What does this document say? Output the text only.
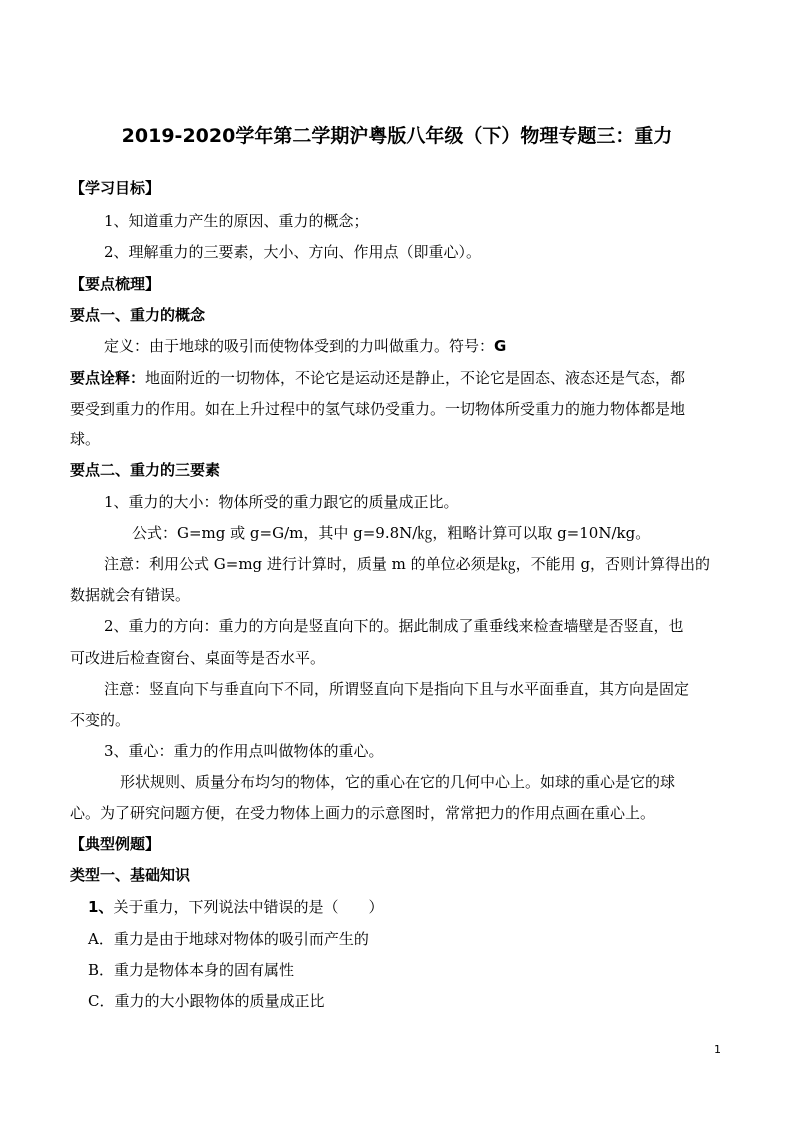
2019-2020学年第二学期沪粤版八年级（下）物理专题三：重力
【学习目标】
1、知道重力产生的原因、重力的概念；
2、理解重力的三要素，大小、方向、作用点（即重心）。
【要点梳理】
要点一、重力的概念
定义：由于地球的吸引而使物体受到的力叫做重力。符号：G
要点诠释：地面附近的一切物体，不论它是运动还是静止，不论它是固态、液态还是气态，都
要受到重力的作用。如在上升过程中的氢气球仍受重力。一切物体所受重力的施力物体都是地
球。
要点二、重力的三要素
1、重力的大小：物体所受的重力跟它的质量成正比。
公式：G=mg 或 g=G/m，其中 g=9.8N/㎏，粗略计算可以取 g=10N/kg。
注意：利用公式 G=mg 进行计算时，质量 m 的单位必须是㎏，不能用 g，否则计算得出的
数据就会有错误。
2、重力的方向：重力的方向是竖直向下的。据此制成了重垂线来检查墙壁是否竖直，也
可改进后检查窗台、桌面等是否水平。
注意：竖直向下与垂直向下不同，所谓竖直向下是指向下且与水平面垂直，其方向是固定
不变的。
3、重心：重力的作用点叫做物体的重心。
形状规则、质量分布均匀的物体，它的重心在它的几何中心上。如球的重心是它的球
心。为了研究问题方便，在受力物体上画力的示意图时，常常把力的作用点画在重心上。
【典型例题】
类型一、基础知识
1、关于重力，下列说法中错误的是（　　）
A．重力是由于地球对物体的吸引而产生的
B．重力是物体本身的固有属性
C．重力的大小跟物体的质量成正比
1
